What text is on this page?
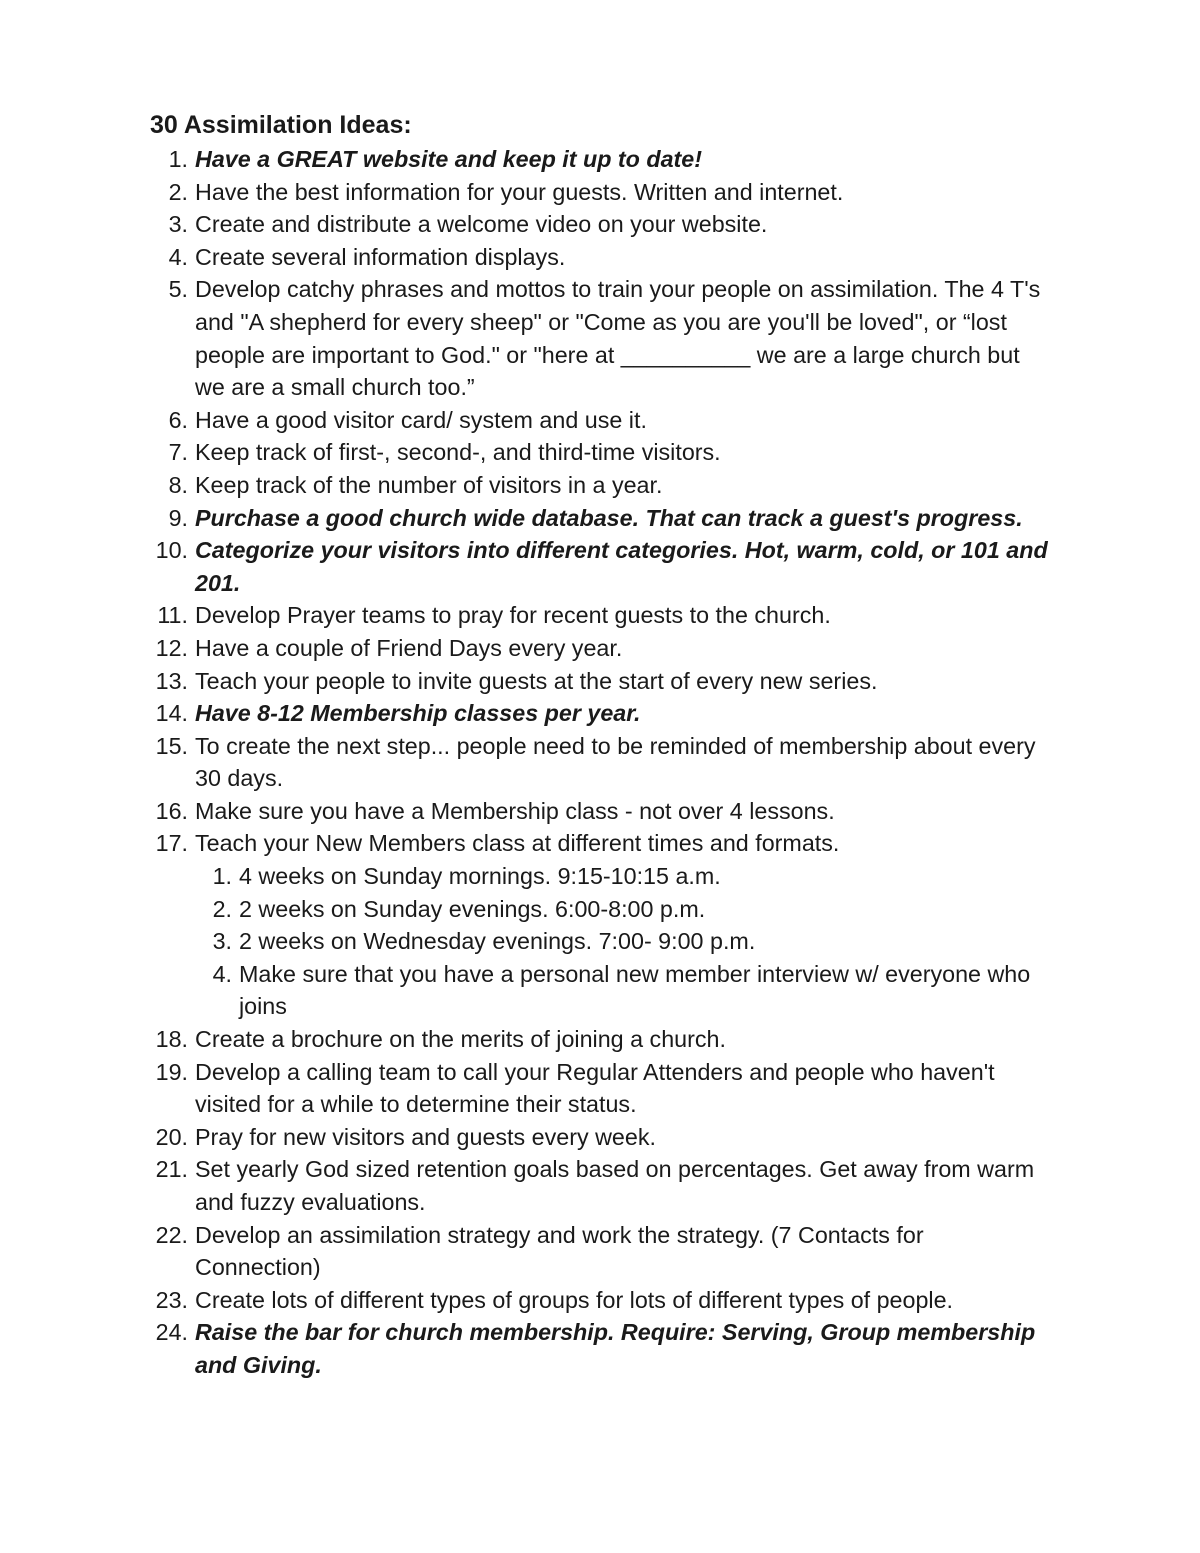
30 Assimilation Ideas:
1. Have a GREAT website and keep it up to date!
2. Have the best information for your guests. Written and internet.
3. Create and distribute a welcome video on your website.
4. Create several information displays.
5. Develop catchy phrases and mottos to train your people on assimilation. The 4 T's and "A shepherd for every sheep" or "Come as you are you'll be loved", or “lost people are important to God." or "here at __________ we are a large church but we are a small church too.”
6. Have a good visitor card/ system and use it.
7. Keep track of first-, second-, and third-time visitors.
8. Keep track of the number of visitors in a year.
9. Purchase a good church wide database. That can track a guest's progress.
10. Categorize your visitors into different categories. Hot, warm, cold, or 101 and 201.
11. Develop Prayer teams to pray for recent guests to the church.
12. Have a couple of Friend Days every year.
13. Teach your people to invite guests at the start of every new series.
14. Have 8-12 Membership classes per year.
15. To create the next step... people need to be reminded of membership about every 30 days.
16. Make sure you have a Membership class - not over 4 lessons.
17. Teach your New Members class at different times and formats.
1. 4 weeks on Sunday mornings. 9:15-10:15 a.m.
2. 2 weeks on Sunday evenings. 6:00-8:00 p.m.
3. 2 weeks on Wednesday evenings. 7:00- 9:00 p.m.
4. Make sure that you have a personal new member interview w/ everyone who joins
18. Create a brochure on the merits of joining a church.
19. Develop a calling team to call your Regular Attenders and people who haven't visited for a while to determine their status.
20. Pray for new visitors and guests every week.
21. Set yearly God sized retention goals based on percentages. Get away from warm and fuzzy evaluations.
22. Develop an assimilation strategy and work the strategy. (7 Contacts for Connection)
23. Create lots of different types of groups for lots of different types of people.
24. Raise the bar for church membership. Require: Serving, Group membership and Giving.
